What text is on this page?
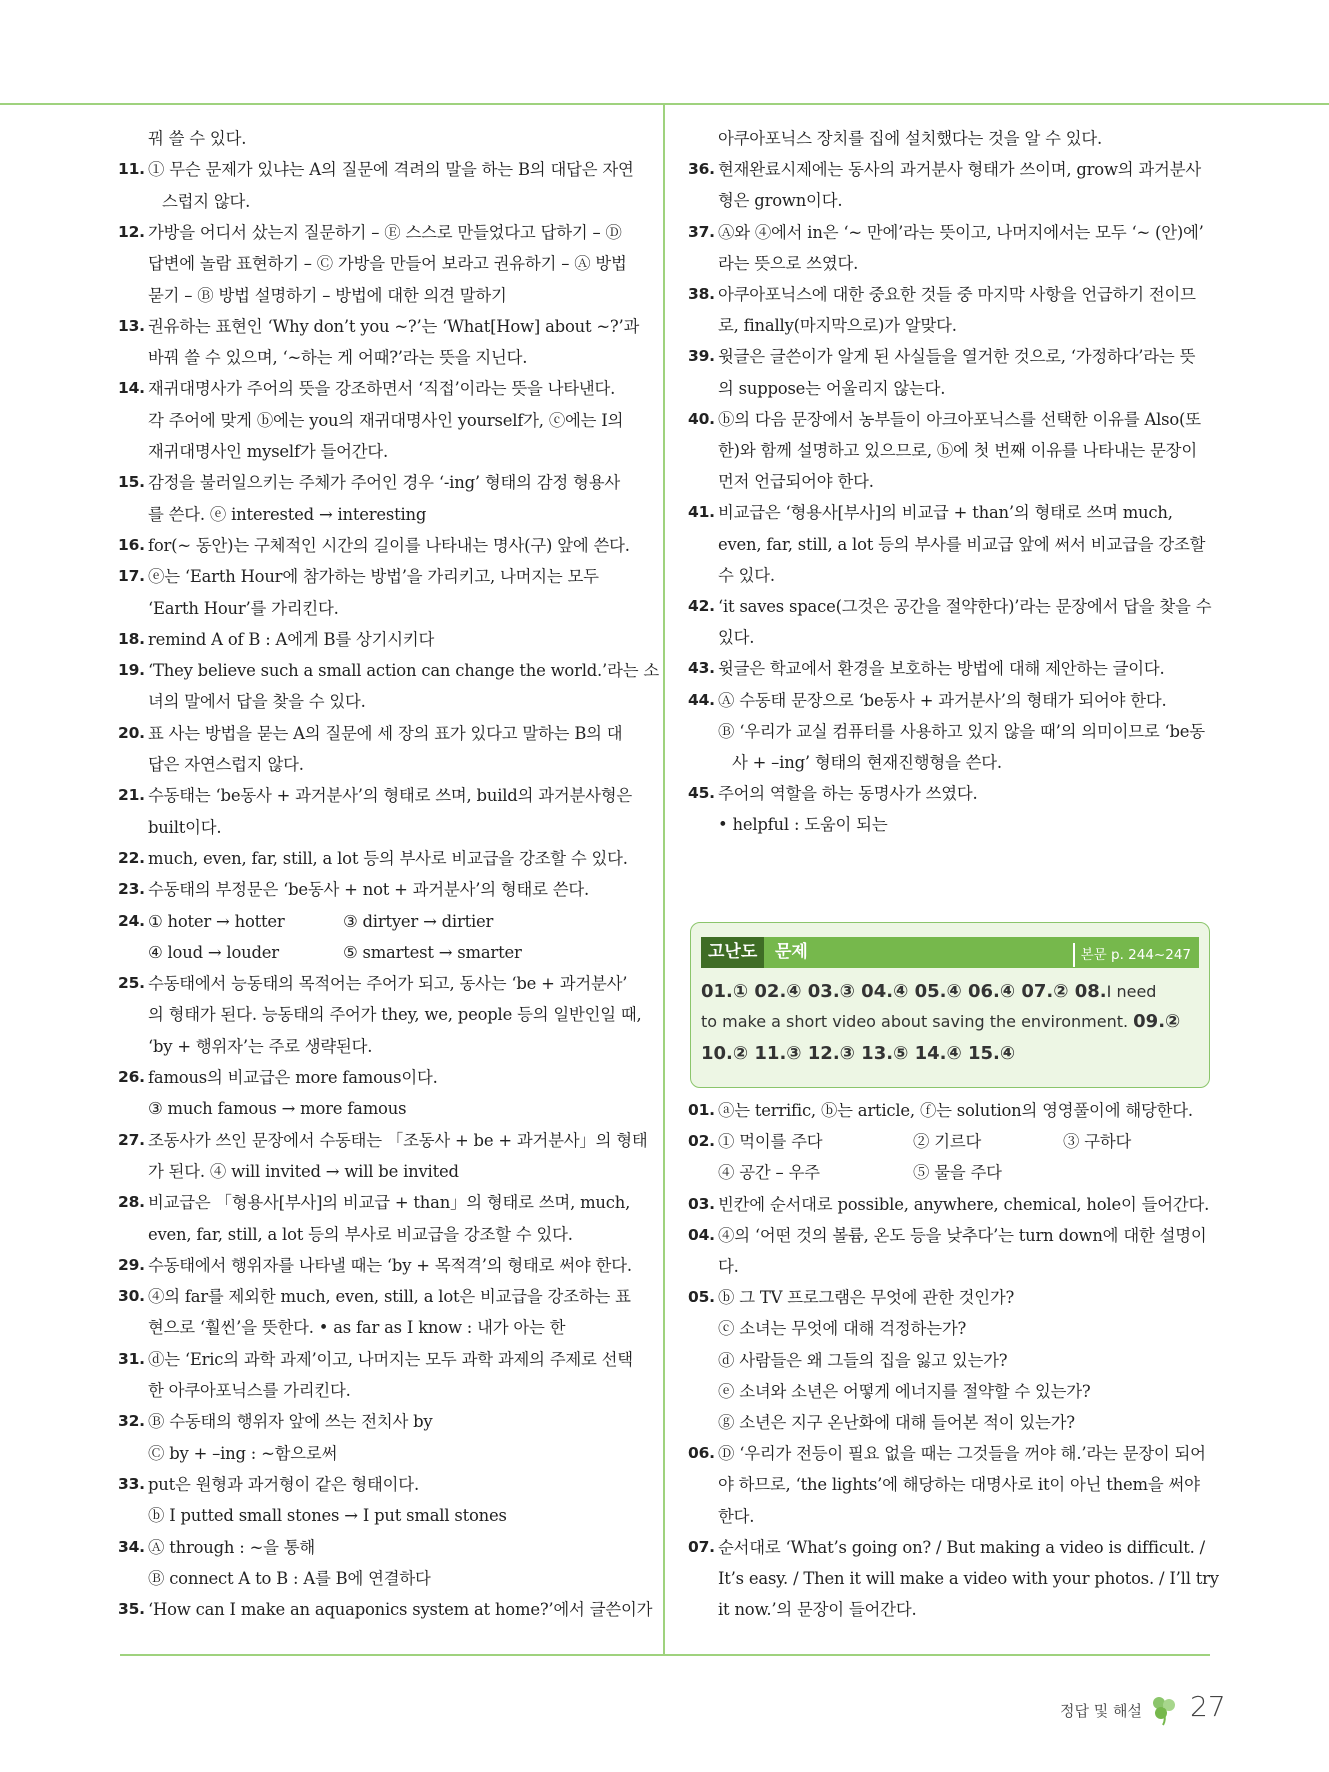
꿔 쓸 수 있다.
11. ① 무슨 문제가 있냐는 A의 질문에 격려의 말을 하는 B의 대답은 자연
스럽지 않다.
12. 가방을 어디서 샀는지 질문하기 – Ⓔ 스스로 만들었다고 답하기 – Ⓓ
답변에 놀람 표현하기 – Ⓒ 가방을 만들어 보라고 권유하기 – Ⓐ 방법
묻기 – Ⓑ 방법 설명하기 – 방법에 대한 의견 말하기
13. 권유하는 표현인 ‘Why don’t you ~?’는 ‘What[How] about ~?’과
바꿔 쓸 수 있으며, ‘~하는 게 어때?’라는 뜻을 지닌다.
14. 재귀대명사가 주어의 뜻을 강조하면서 ‘직접’이라는 뜻을 나타낸다.
각 주어에 맞게 ⓑ에는 you의 재귀대명사인 yourself가, ⓒ에는 I의
재귀대명사인 myself가 들어간다.
15. 감정을 불러일으키는 주체가 주어인 경우 ‘-ing’ 형태의 감정 형용사
를 쓴다. ⓔ interested → interesting
16. for(~ 동안)는 구체적인 시간의 길이를 나타내는 명사(구) 앞에 쓴다.
17. ⓔ는 ‘Earth Hour에 참가하는 방법’을 가리키고, 나머지는 모두
‘Earth Hour’를 가리킨다.
18. remind A of B : A에게 B를 상기시키다
19. ‘They believe such a small action can change the world.’라는 소
녀의 말에서 답을 찾을 수 있다.
20. 표 사는 방법을 묻는 A의 질문에 세 장의 표가 있다고 말하는 B의 대
답은 자연스럽지 않다.
21. 수동태는 ‘be동사 + 과거분사’의 형태로 쓰며, build의 과거분사형은
built이다.
22. much, even, far, still, a lot 등의 부사로 비교급을 강조할 수 있다.
23. 수동태의 부정문은 ‘be동사 + not + 과거분사’의 형태로 쓴다.
24. ① hoter → hotter	③ dirtyer → dirtier
④ loud → louder	⑤ smartest → smarter
25. 수동태에서 능동태의 목적어는 주어가 되고, 동사는 ‘be + 과거분사’
의 형태가 된다. 능동태의 주어가 they, we, people 등의 일반인일 때,
‘by + 행위자’는 주로 생략된다.
26. famous의 비교급은 more famous이다.
③ much famous → more famous
27. 조동사가 쓰인 문장에서 수동태는 「조동사 + be + 과거분사」의 형태
가 된다. ④ will invited → will be invited
28. 비교급은 「형용사[부사]의 비교급 + than」의 형태로 쓰며, much,
even, far, still, a lot 등의 부사로 비교급을 강조할 수 있다.
29. 수동태에서 행위자를 나타낼 때는 ‘by + 목적격’의 형태로 써야 한다.
30. ④의 far를 제외한 much, even, still, a lot은 비교급을 강조하는 표
현으로 ‘훨씬’을 뜻한다. • as far as I know : 내가 아는 한
31. ⓓ는 ‘Eric의 과학 과제’이고, 나머지는 모두 과학 과제의 주제로 선택
한 아쿠아포닉스를 가리킨다.
32. Ⓑ 수동태의 행위자 앞에 쓰는 전치사 by
Ⓒ by + –ing : ~함으로써
33. put은 원형과 과거형이 같은 형태이다.
ⓑ I putted small stones → I put small stones
34. Ⓐ through : ~을 통해
Ⓑ connect A to B : A를 B에 연결하다
35. ‘How can I make an aquaponics system at home?’에서 글쓴이가
아쿠아포닉스 장치를 집에 설치했다는 것을 알 수 있다.
36. 현재완료시제에는 동사의 과거분사 형태가 쓰이며, grow의 과거분사
형은 grown이다.
37. Ⓐ와 ④에서 in은 ‘~ 만에’라는 뜻이고, 나머지에서는 모두 ‘~ (안)에’
라는 뜻으로 쓰였다.
38. 아쿠아포닉스에 대한 중요한 것들 중 마지막 사항을 언급하기 전이므
로, finally(마지막으로)가 알맞다.
39. 윗글은 글쓴이가 알게 된 사실들을 열거한 것으로, ‘가정하다’라는 뜻
의 suppose는 어울리지 않는다.
40. ⓑ의 다음 문장에서 농부들이 아크아포닉스를 선택한 이유를 Also(또
한)와 함께 설명하고 있으므로, ⓑ에 첫 번째 이유를 나타내는 문장이
먼저 언급되어야 한다.
41. 비교급은 ‘형용사[부사]의 비교급 + than’의 형태로 쓰며 much,
even, far, still, a lot 등의 부사를 비교급 앞에 써서 비교급을 강조할
수 있다.
42. ‘it saves space(그것은 공간을 절약한다)’라는 문장에서 답을 찾을 수
있다.
43. 윗글은 학교에서 환경을 보호하는 방법에 대해 제안하는 글이다.
44. Ⓐ 수동태 문장으로 ‘be동사 + 과거분사’의 형태가 되어야 한다.
Ⓑ ‘우리가 교실 컴퓨터를 사용하고 있지 않을 때’의 의미이므로 ‘be동
사 + –ing’ 형태의 현재진행형을 쓴다.
45. 주어의 역할을 하는 동명사가 쓰였다.
• helpful : 도움이 되는
고난도	문제	본문 p. 244~247
01.① 02.④ 03.③ 04.④ 05.④ 06.④ 07.② 08.I need
to make a short video about saving the environment. 09.②
10.② 11.③ 12.③ 13.⑤ 14.④ 15.④
01. ⓐ는 terrific, ⓑ는 article, ⓕ는 solution의 영영풀이에 해당한다.
02. ① 먹이를 주다	② 기르다	③ 구하다
④ 공간 – 우주	⑤ 물을 주다
03. 빈칸에 순서대로 possible, anywhere, chemical, hole이 들어간다.
04. ④의 ‘어떤 것의 볼륨, 온도 등을 낮추다’는 turn down에 대한 설명이
다.
05. ⓑ 그 TV 프로그램은 무엇에 관한 것인가?
ⓒ 소녀는 무엇에 대해 걱정하는가?
ⓓ 사람들은 왜 그들의 집을 잃고 있는가?
ⓔ 소녀와 소년은 어떻게 에너지를 절약할 수 있는가?
ⓖ 소년은 지구 온난화에 대해 들어본 적이 있는가?
06. Ⓓ ‘우리가 전등이 필요 없을 때는 그것들을 꺼야 해.’라는 문장이 되어
야 하므로, ‘the lights’에 해당하는 대명사로 it이 아닌 them을 써야
한다.
07. 순서대로 ‘What’s going on? / But making a video is difficult. /
It’s easy. / Then it will make a video with your photos. / I’ll try
it now.’의 문장이 들어간다.
정답 및 해설 27
